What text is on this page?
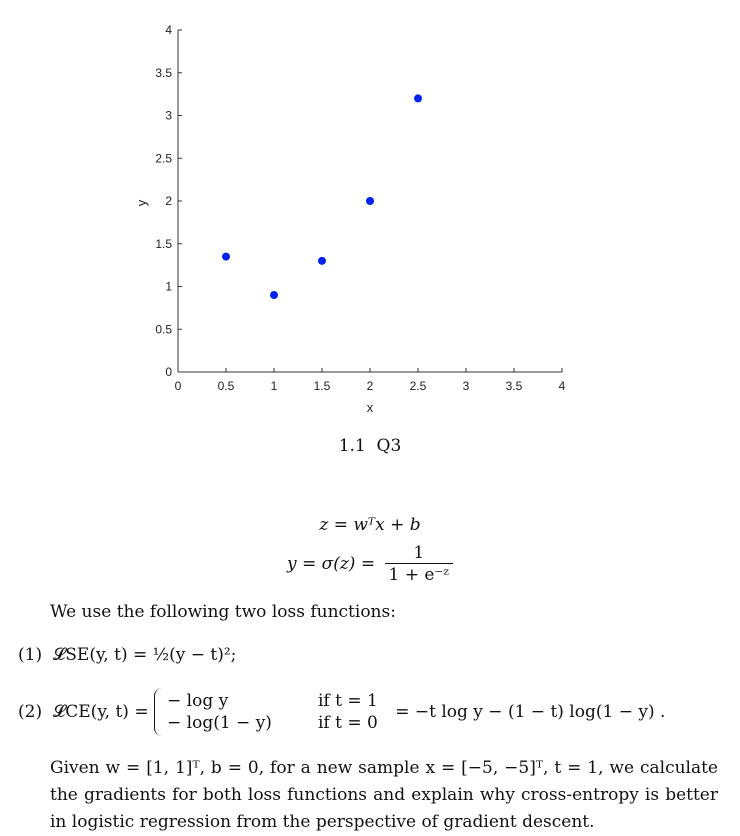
0	0.5	1	1.5	2	2.5	3	3.5	4
0
0.5
1
1.5
2
2.5
3
3.5
4
x
y
1.1 Q3
z = wᵀx + b
$y = \sigma(z) = \frac{1}{\text{1 + e⁻ᶻ}}$
We use the following two loss functions:
(1) 𝓛SE(y, t) = ½(y − t)²;
(2) 𝓛CE(y, t) =
− log y	if t = 1
− log(1 − y)	if t = 0
= −t log y − (1 − t) log(1 − y) .
Given w = [1, 1]ᵀ, b = 0, for a new sample x = [−5, −5]ᵀ, t = 1, we calculate the gradients for both loss functions and explain why cross-entropy is better in logistic regression from the perspective of gradient descent.
